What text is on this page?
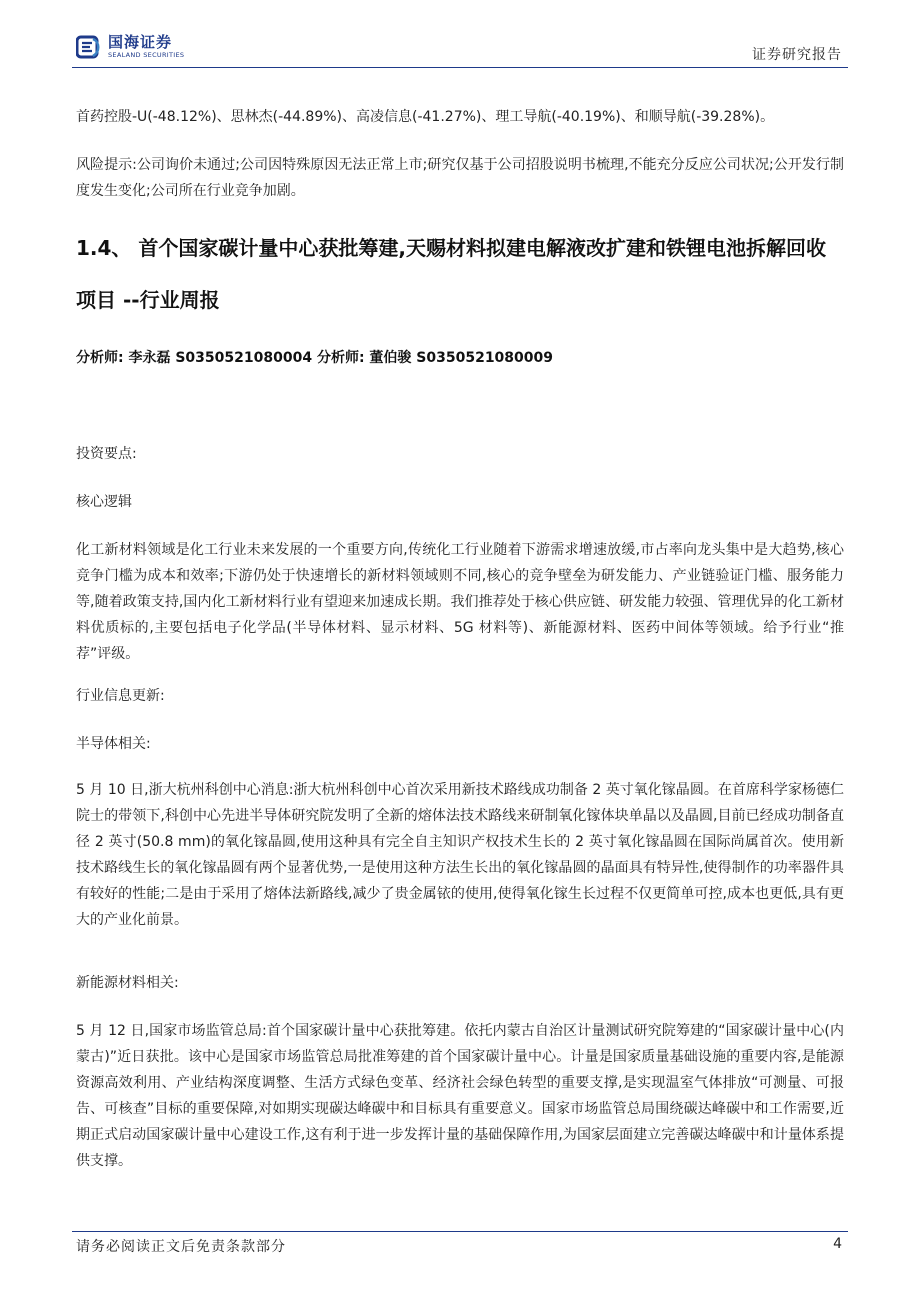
国海证券
SEALAND SECURITIES	证券研究报告

首药控股-U(-48.12%)、思林杰(-44.89%)、高凌信息(-41.27%)、理工导航(-40.19%)、和顺导航(-39.28%)。

风险提示:公司询价未通过;公司因特殊原因无法正常上市;研究仅基于公司招股说明书梳理,不能充分反应公司状况;公开发行制度发生变化;公司所在行业竞争加剧。

1.4、 首个国家碳计量中心获批筹建,天赐材料拟建电解液改扩建和铁锂电池拆解回收项目 --行业周报

分析师: 李永磊 S0350521080004 分析师: 董伯骏 S0350521080009

投资要点:

核心逻辑

化工新材料领域是化工行业未来发展的一个重要方向,传统化工行业随着下游需求增速放缓,市占率向龙头集中是大趋势,核心竞争门槛为成本和效率;下游仍处于快速增长的新材料领域则不同,核心的竞争壁垒为研发能力、产业链验证门槛、服务能力等,随着政策支持,国内化工新材料行业有望迎来加速成长期。我们推荐处于核心供应链、研发能力较强、管理优异的化工新材料优质标的,主要包括电子化学品(半导体材料、显示材料、5G 材料等)、新能源材料、医药中间体等领域。给予行业“推荐”评级。

行业信息更新:

半导体相关:

5 月 10 日,浙大杭州科创中心消息:浙大杭州科创中心首次采用新技术路线成功制备 2 英寸氧化镓晶圆。在首席科学家杨德仁院士的带领下,科创中心先进半导体研究院发明了全新的熔体法技术路线来研制氧化镓体块单晶以及晶圆,目前已经成功制备直径 2 英寸(50.8 mm)的氧化镓晶圆,使用这种具有完全自主知识产权技术生长的 2 英寸氧化镓晶圆在国际尚属首次。使用新技术路线生长的氧化镓晶圆有两个显著优势,一是使用这种方法生长出的氧化镓晶圆的晶面具有特异性,使得制作的功率器件具有较好的性能;二是由于采用了熔体法新路线,减少了贵金属铱的使用,使得氧化镓生长过程不仅更简单可控,成本也更低,具有更大的产业化前景。

新能源材料相关:

5 月 12 日,国家市场监管总局:首个国家碳计量中心获批筹建。依托内蒙古自治区计量测试研究院筹建的“国家碳计量中心(内蒙古)”近日获批。该中心是国家市场监管总局批准筹建的首个国家碳计量中心。计量是国家质量基础设施的重要内容,是能源资源高效利用、产业结构深度调整、生活方式绿色变革、经济社会绿色转型的重要支撑,是实现温室气体排放“可测量、可报告、可核查”目标的重要保障,对如期实现碳达峰碳中和目标具有重要意义。国家市场监管总局围绕碳达峰碳中和工作需要,近期正式启动国家碳计量中心建设工作,这有利于进一步发挥计量的基础保障作用,为国家层面建立完善碳达峰碳中和计量体系提供支撑。

请务必阅读正文后免责条款部分	4
